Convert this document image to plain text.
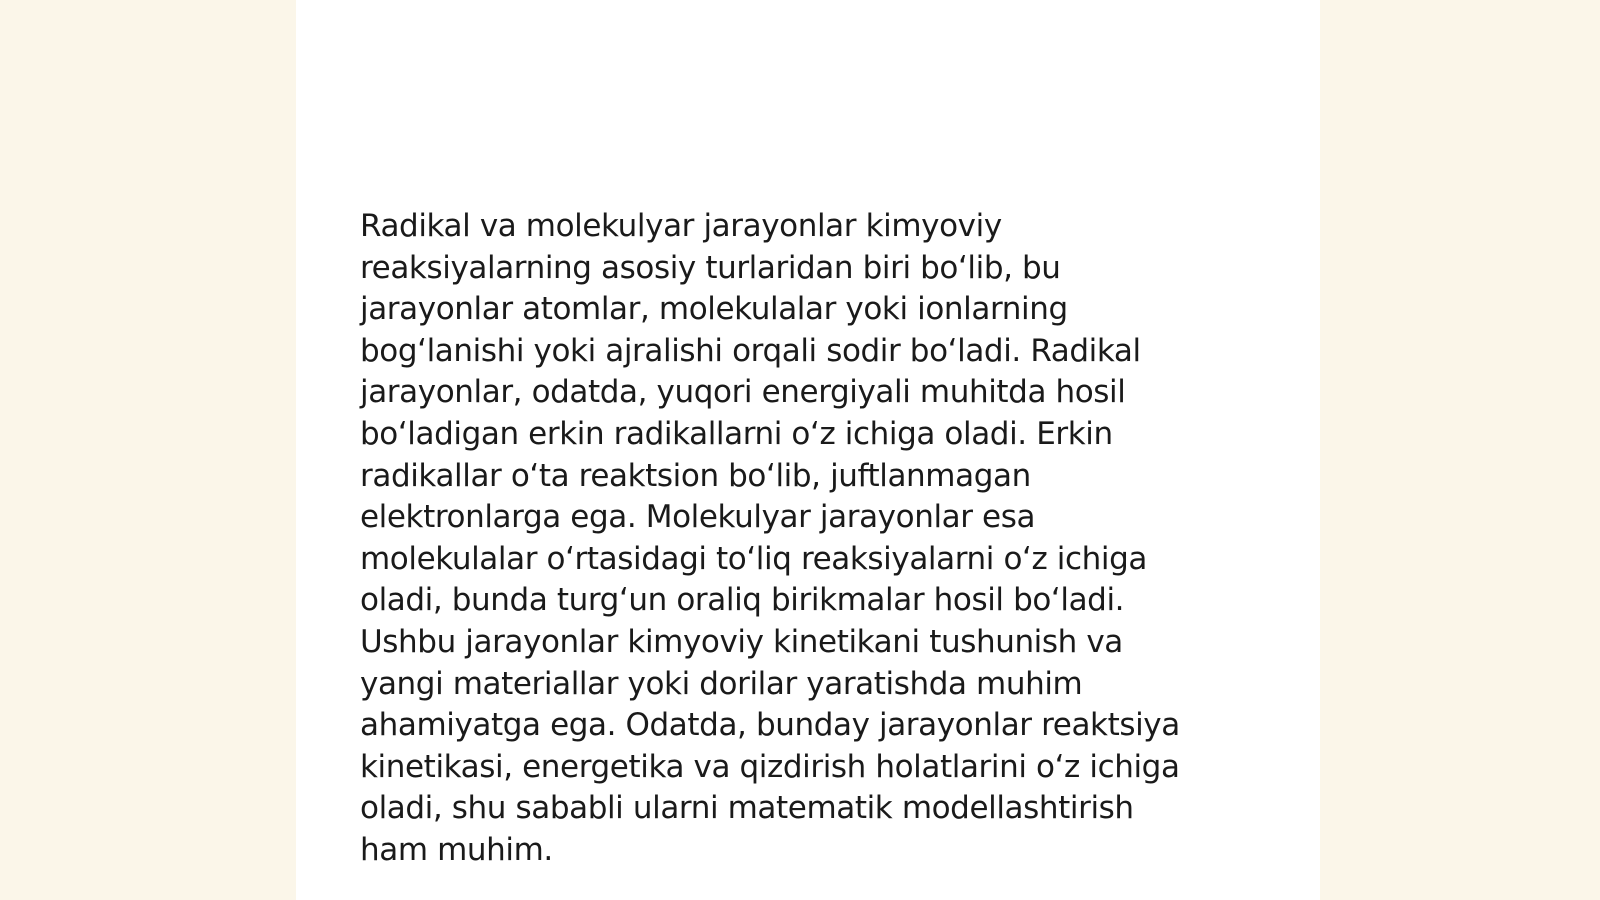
Radikal va molekulyar jarayonlar kimyoviy
reaksiyalarning asosiy turlaridan biri boʻlib, bu
jarayonlar atomlar, molekulalar yoki ionlarning
bogʻlanishi yoki ajralishi orqali sodir boʻladi. Radikal
jarayonlar, odatda, yuqori energiyali muhitda hosil
boʻladigan erkin radikallarni oʻz ichiga oladi. Erkin
radikallar oʻta reaktsion boʻlib, juftlanmagan
elektronlarga ega. Molekulyar jarayonlar esa
molekulalar oʻrtasidagi toʻliq reaksiyalarni oʻz ichiga
oladi, bunda turgʻun oraliq birikmalar hosil boʻladi.
Ushbu jarayonlar kimyoviy kinetikani tushunish va
yangi materiallar yoki dorilar yaratishda muhim
ahamiyatga ega. Odatda, bunday jarayonlar reaktsiya
kinetikasi, energetika va qizdirish holatlarini oʻz ichiga
oladi, shu sababli ularni matematik modellashtirish
ham muhim.
